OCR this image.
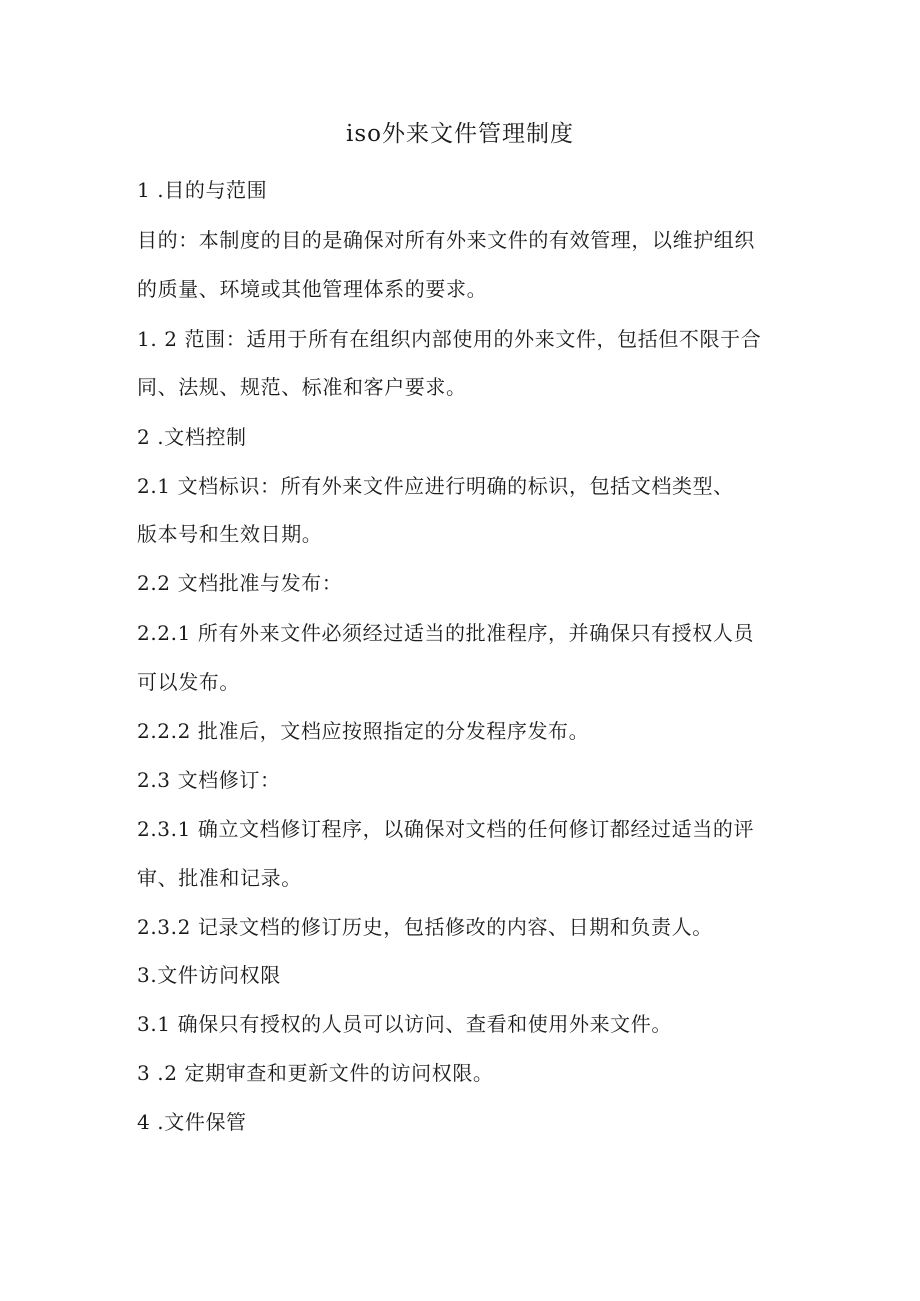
iso外来文件管理制度
1 .目的与范围
目的：本制度的目的是确保对所有外来文件的有效管理，以维护组织
的质量、环境或其他管理体系的要求。
1. 2 范围：适用于所有在组织内部使用的外来文件，包括但不限于合
同、法规、规范、标准和客户要求。
2 .文档控制
2.1 文档标识：所有外来文件应进行明确的标识，包括文档类型、
版本号和生效日期。
2.2 文档批准与发布：
2.2.1 所有外来文件必须经过适当的批准程序，并确保只有授权人员
可以发布。
2.2.2 批准后，文档应按照指定的分发程序发布。
2.3 文档修订：
2.3.1 确立文档修订程序，以确保对文档的任何修订都经过适当的评
审、批准和记录。
2.3.2 记录文档的修订历史，包括修改的内容、日期和负责人。
3.文件访问权限
3.1 确保只有授权的人员可以访问、查看和使用外来文件。
3 .2 定期审查和更新文件的访问权限。
4 .文件保管
